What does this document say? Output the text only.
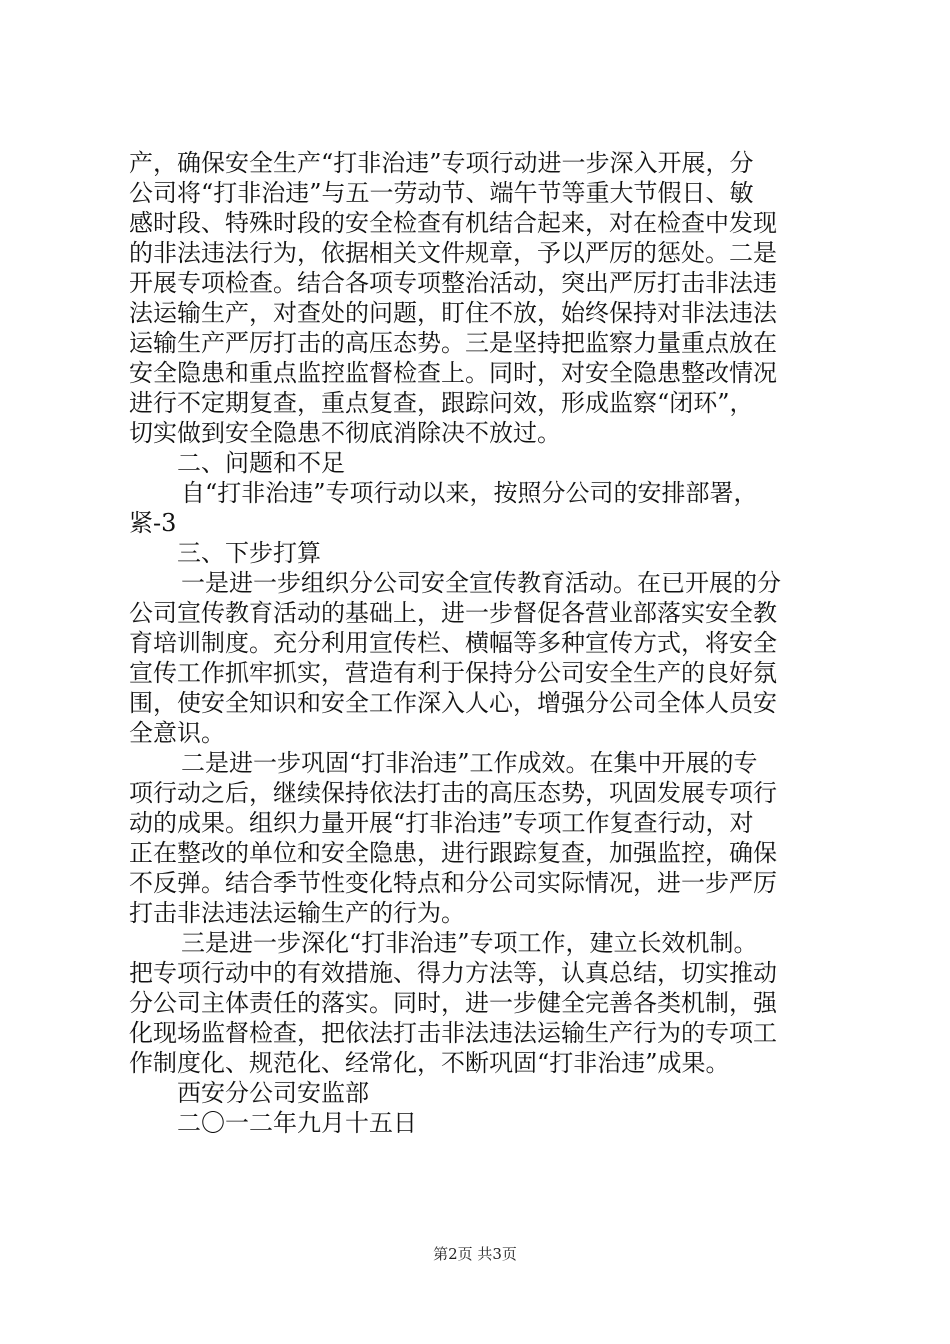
产，确保安全生产“打非治违”专项行动进一步深入开展，分
公司将“打非治违”与五一劳动节、端午节等重大节假日、敏
感时段、特殊时段的安全检查有机结合起来，对在检查中发现
的非法违法行为，依据相关文件规章，予以严厉的惩处。二是
开展专项检查。结合各项专项整治活动，突出严厉打击非法违
法运输生产，对查处的问题，盯住不放，始终保持对非法违法
运输生产严厉打击的高压态势。三是坚持把监察力量重点放在
安全隐患和重点监控监督检查上。同时，对安全隐患整改情况
进行不定期复查，重点复查，跟踪问效，形成监察“闭环”，
切实做到安全隐患不彻底消除决不放过。
二、问题和不足
自“打非治违”专项行动以来，按照分公司的安排部署，
紧-3
三、下步打算
一是进一步组织分公司安全宣传教育活动。在已开展的分
公司宣传教育活动的基础上，进一步督促各营业部落实安全教
育培训制度。充分利用宣传栏、横幅等多种宣传方式，将安全
宣传工作抓牢抓实，营造有利于保持分公司安全生产的良好氛
围，使安全知识和安全工作深入人心，增强分公司全体人员安
全意识。
二是进一步巩固“打非治违”工作成效。在集中开展的专
项行动之后，继续保持依法打击的高压态势，巩固发展专项行
动的成果。组织力量开展“打非治违”专项工作复查行动，对
正在整改的单位和安全隐患，进行跟踪复查，加强监控，确保
不反弹。结合季节性变化特点和分公司实际情况，进一步严厉
打击非法违法运输生产的行为。
三是进一步深化“打非治违”专项工作，建立长效机制。
把专项行动中的有效措施、得力方法等，认真总结，切实推动
分公司主体责任的落实。同时，进一步健全完善各类机制，强
化现场监督检查，把依法打击非法违法运输生产行为的专项工
作制度化、规范化、经常化，不断巩固“打非治违”成果。
西安分公司安监部
二〇一二年九月十五日
第2页 共3页
